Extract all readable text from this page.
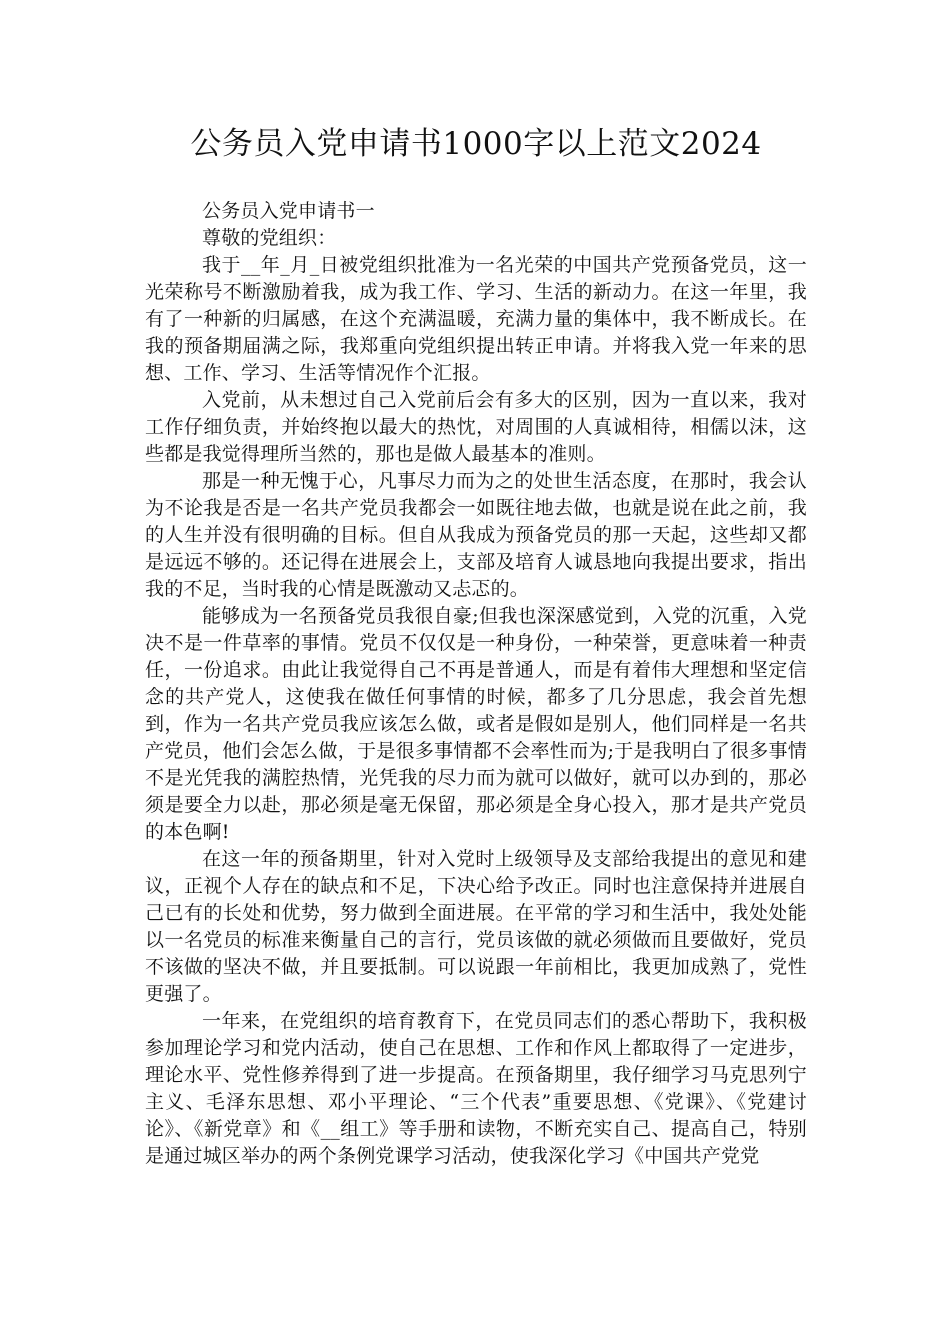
公务员入党申请书1000字以上范文2024

公务员入党申请书一

尊敬的党组织：

我于__年_月_日被党组织批准为一名光荣的中国共产党预备党员，这一光荣称号不断激励着我，成为我工作、学习、生活的新动力。在这一年里，我有了一种新的归属感，在这个充满温暖，充满力量的集体中，我不断成长。在我的预备期届满之际，我郑重向党组织提出转正申请。并将我入党一年来的思想、工作、学习、生活等情况作个汇报。

入党前，从未想过自己入党前后会有多大的区别，因为一直以来，我对工作仔细负责，并始终抱以最大的热忱，对周围的人真诚相待，相儒以沫，这些都是我觉得理所当然的，那也是做人最基本的准则。

那是一种无愧于心，凡事尽力而为之的处世生活态度，在那时，我会认为不论我是否是一名共产党员我都会一如既往地去做，也就是说在此之前，我的人生并没有很明确的目标。但自从我成为预备党员的那一天起，这些却又都是远远不够的。还记得在进展会上，支部及培育人诚恳地向我提出要求，指出我的不足，当时我的心情是既激动又忐忑的。

能够成为一名预备党员我很自豪;但我也深深感觉到，入党的沉重，入党决不是一件草率的事情。党员不仅仅是一种身份，一种荣誉，更意味着一种责任，一份追求。由此让我觉得自己不再是普通人，而是有着伟大理想和坚定信念的共产党人，这使我在做任何事情的时候，都多了几分思虑，我会首先想到，作为一名共产党员我应该怎么做，或者是假如是别人，他们同样是一名共产党员，他们会怎么做，于是很多事情都不会率性而为;于是我明白了很多事情不是光凭我的满腔热情，光凭我的尽力而为就可以做好，就可以办到的，那必须是要全力以赴，那必须是毫无保留，那必须是全身心投入，那才是共产党员的本色啊!

在这一年的预备期里，针对入党时上级领导及支部给我提出的意见和建议，正视个人存在的缺点和不足，下决心给予改正。同时也注意保持并进展自己已有的长处和优势，努力做到全面进展。在平常的学习和生活中，我处处能以一名党员的标准来衡量自己的言行，党员该做的就必须做而且要做好，党员不该做的坚决不做，并且要抵制。可以说跟一年前相比，我更加成熟了，党性更强了。

一年来，在党组织的培育教育下，在党员同志们的悉心帮助下，我积极参加理论学习和党内活动，使自己在思想、工作和作风上都取得了一定进步，理论水平、党性修养得到了进一步提高。在预备期里，我仔细学习马克思列宁主义、毛泽东思想、邓小平理论、“三个代表”重要思想、《党课》、《党建讨论》、《新党章》和《__组工》等手册和读物，不断充实自己、提高自己，特别是通过城区举办的两个条例党课学习活动，使我深化学习《中国共产党党
